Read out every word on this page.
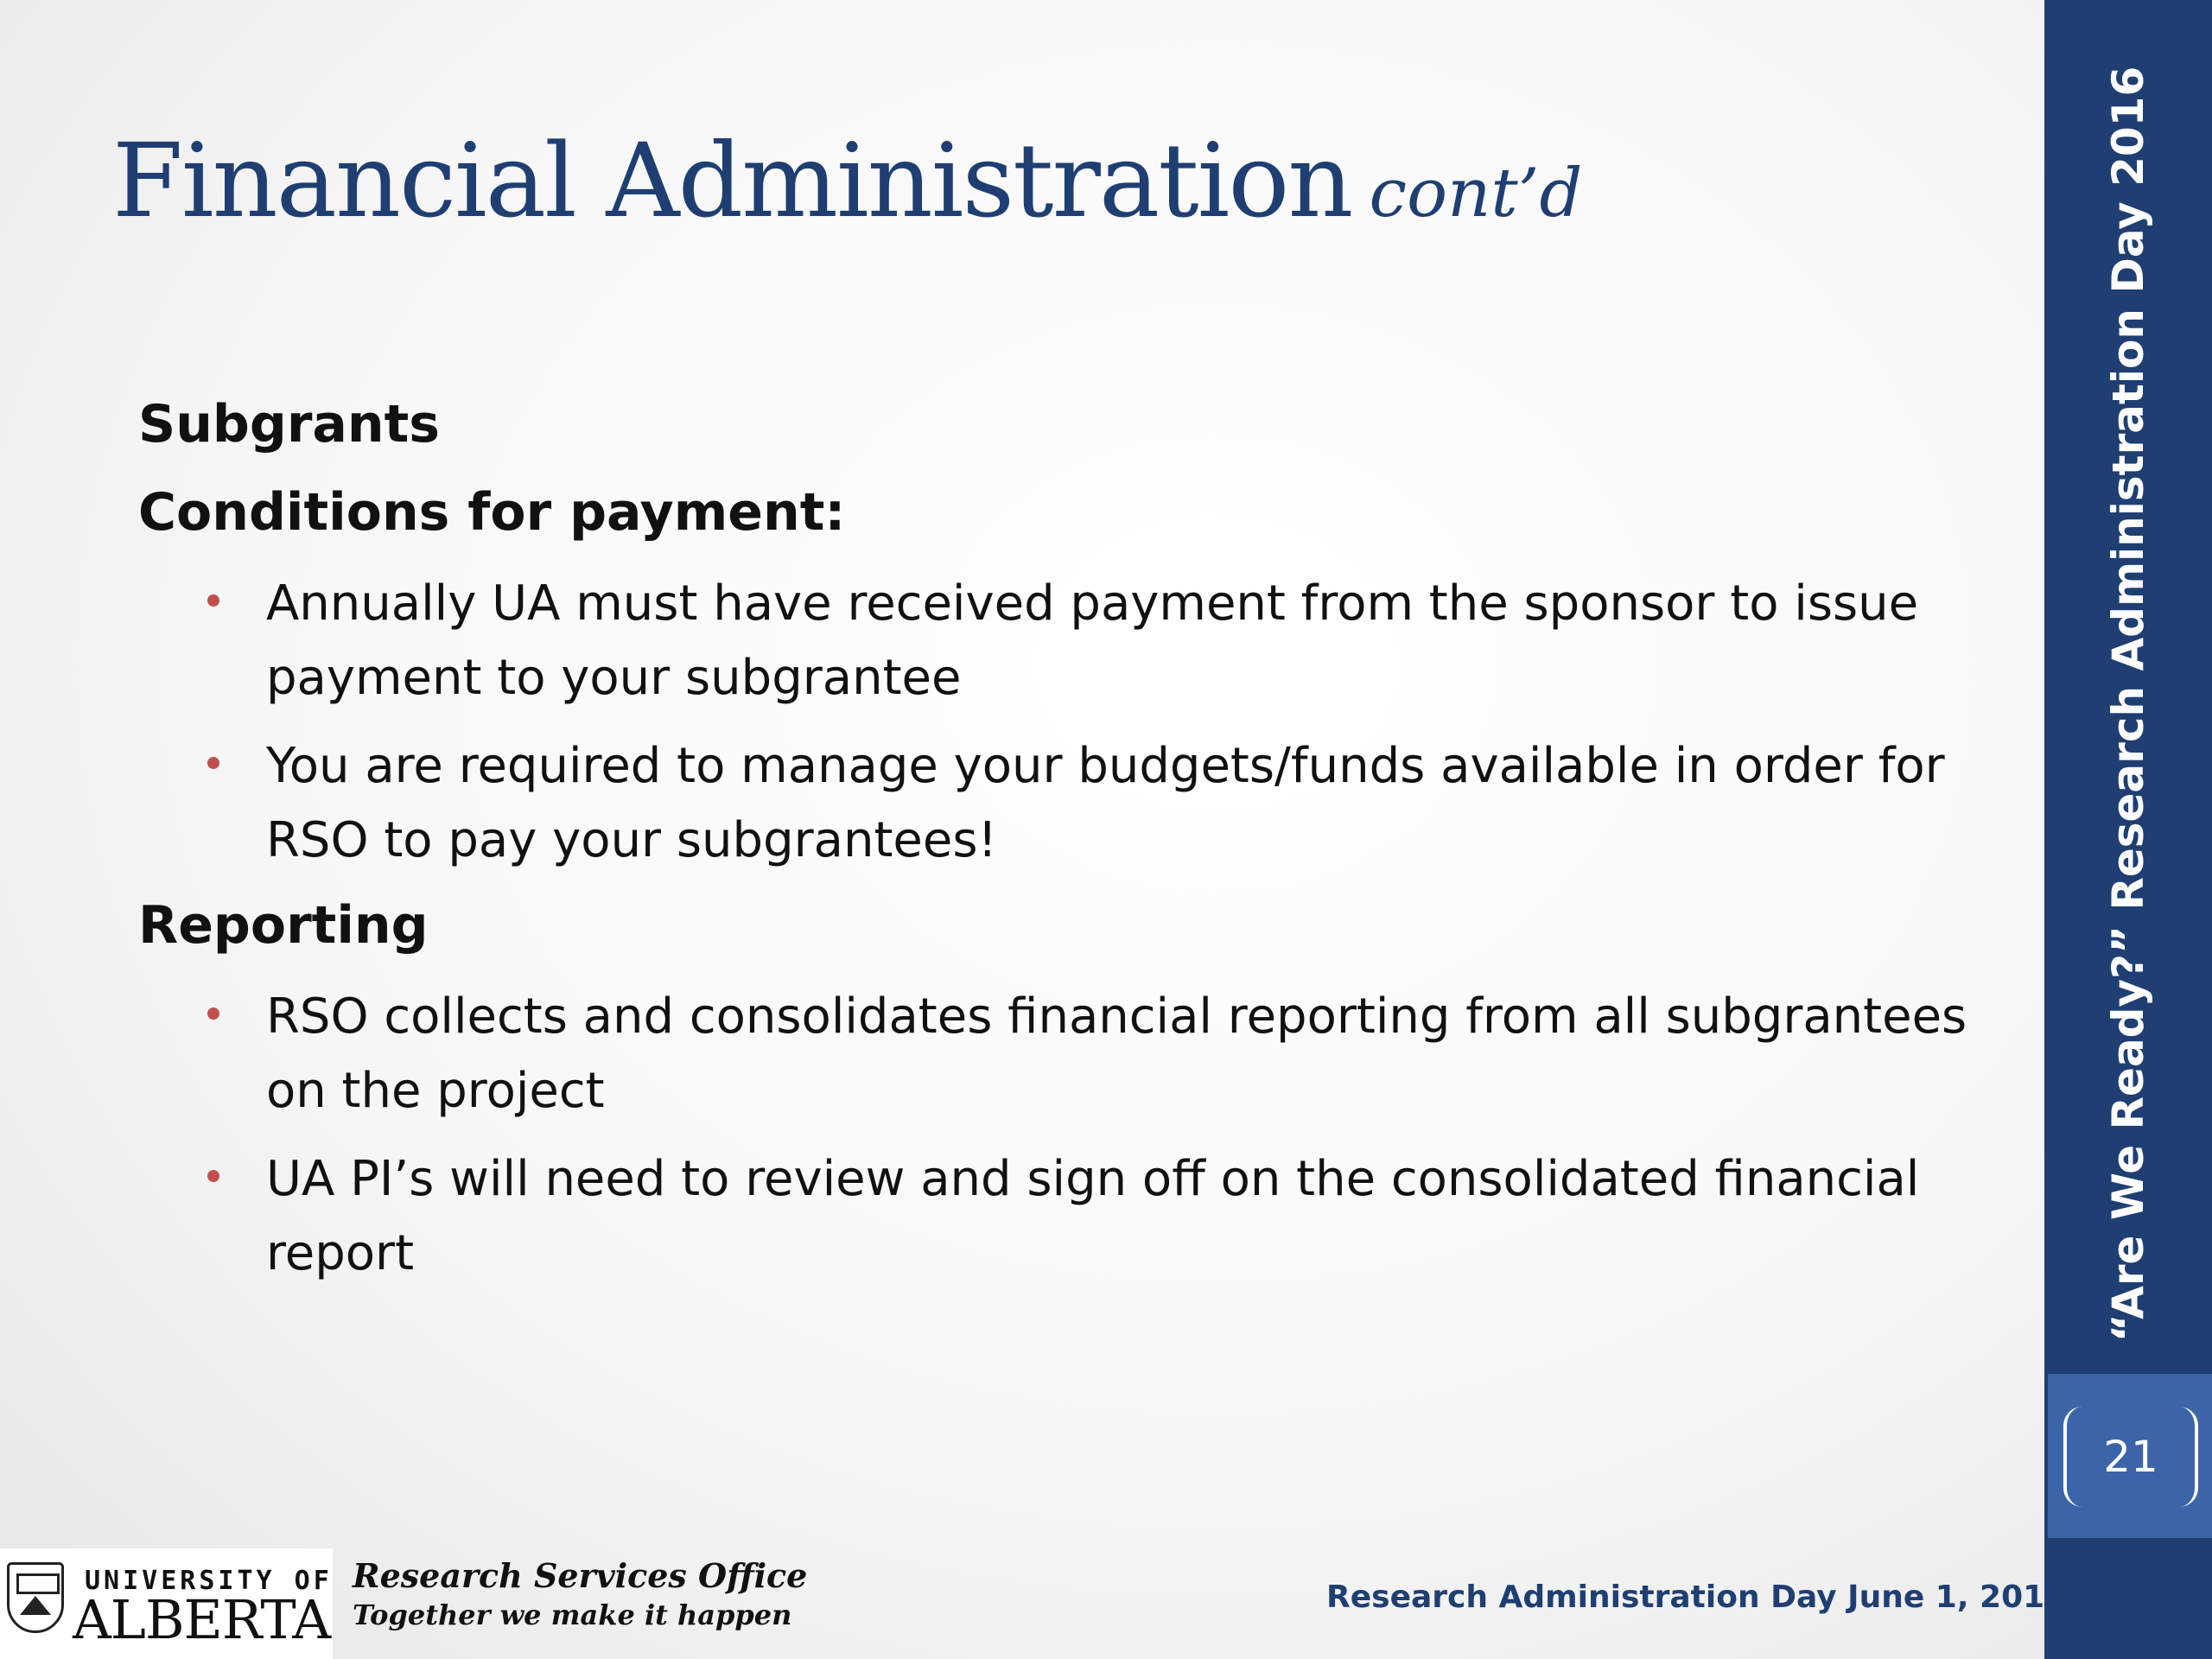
Financial Administration cont’d
Subgrants
Conditions for payment:
Annually UA must have received payment from the sponsor to issue payment to your subgrantee
You are required to manage your budgets/funds available in order for RSO to pay your subgrantees!
Reporting
RSO collects and consolidates financial reporting from all subgrantees on the project
UA PI’s will need to review and sign off on the consolidated financial report	“Are We Ready?” Research Administration Day 2016
21
UNIVERSITY OF
ALBERTA
Research Services Office
Together we make it happen	Research Administration Day June 1, 2016
